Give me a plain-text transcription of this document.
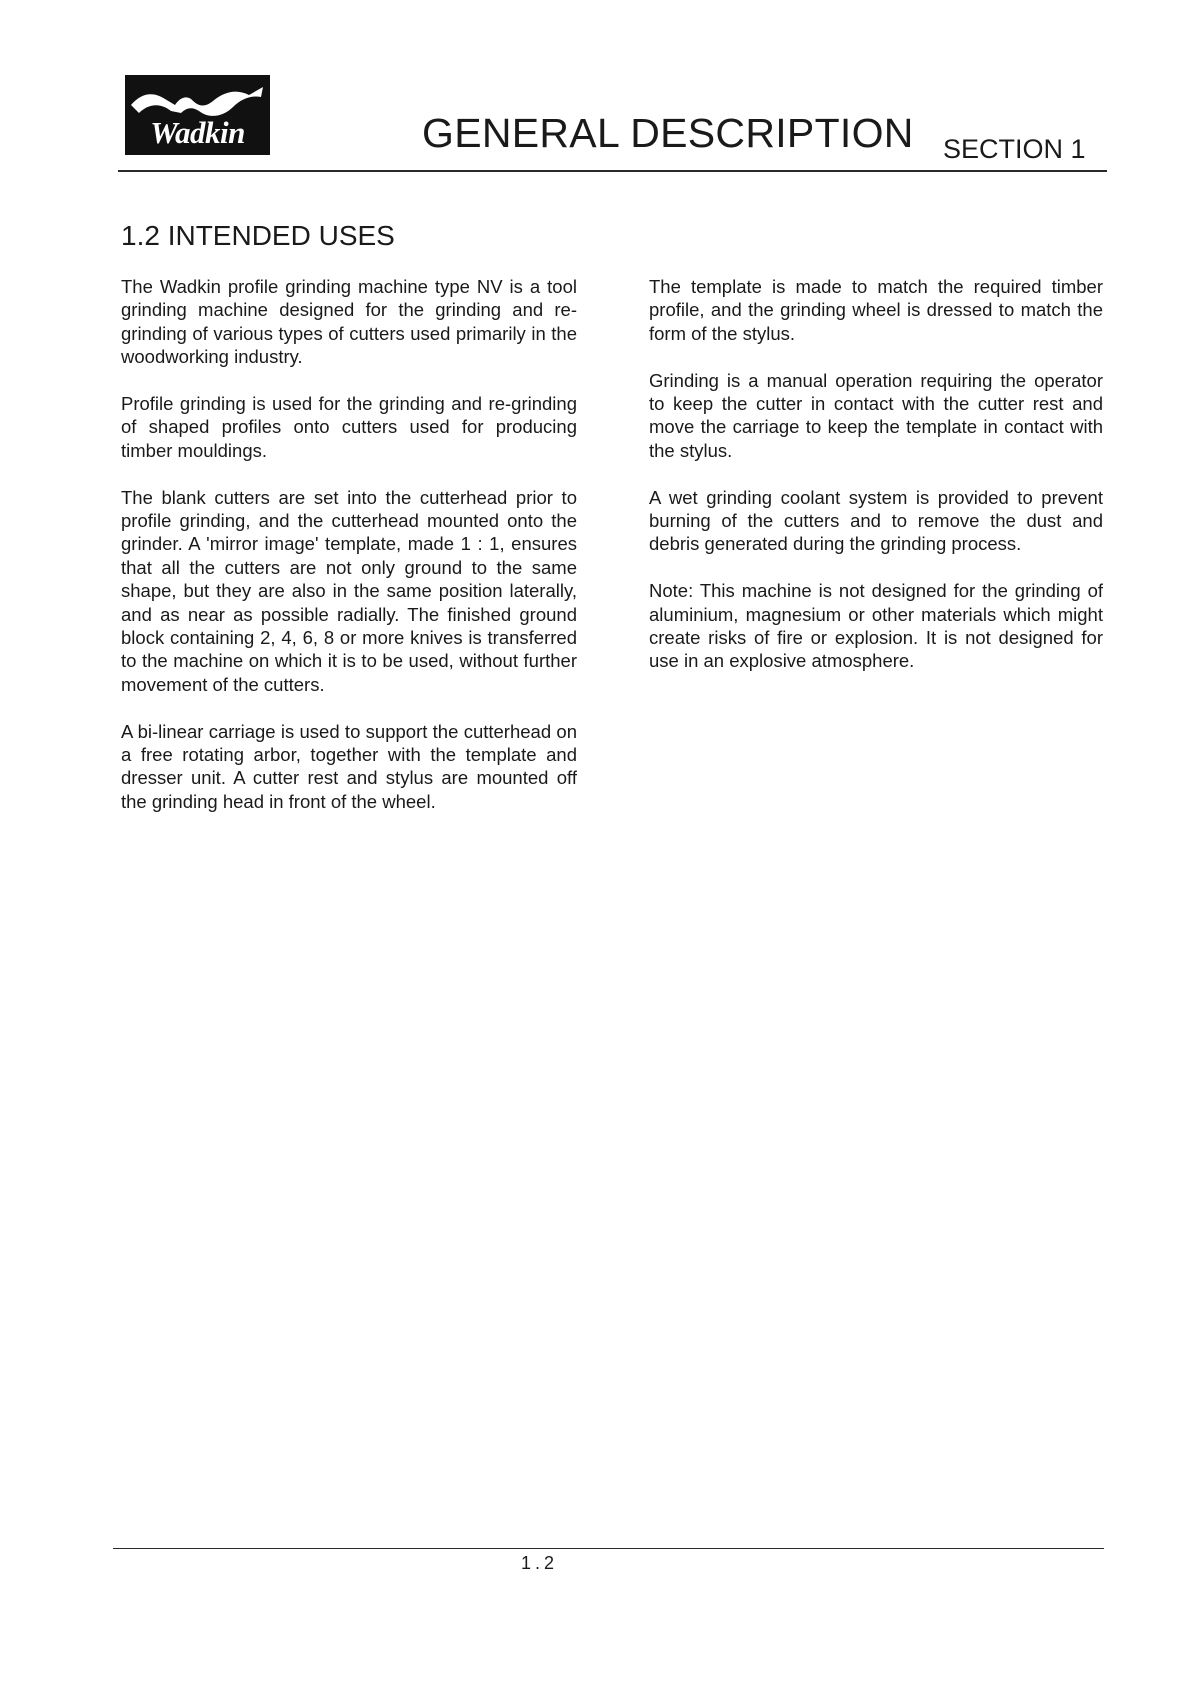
Wadkin	GENERAL DESCRIPTION SECTION 1
1.2 INTENDED USES

The Wadkin profile grinding machine type NV is a tool grinding machine designed for the grinding and re-grinding of various types of cutters used primarily in the woodworking industry.

Profile grinding is used for the grinding and re-grinding of shaped profiles onto cutters used for producing timber mouldings.

The blank cutters are set into the cutterhead prior to profile grinding, and the cutterhead mounted onto the grinder. A 'mirror image' template, made 1 : 1, ensures that all the cutters are not only ground to the same shape, but they are also in the same position laterally, and as near as possible radially. The finished ground block containing 2, 4, 6, 8 or more knives is transferred to the machine on which it is to be used, without further movement of the cutters.

A bi-linear carriage is used to support the cutterhead on a free rotating arbor, together with the template and dresser unit. A cutter rest and stylus are mounted off the grinding head in front of the wheel.

The template is made to match the required timber profile, and the grinding wheel is dressed to match the form of the stylus.

Grinding is a manual operation requiring the operator to keep the cutter in contact with the cutter rest and move the carriage to keep the template in contact with the stylus.

A wet grinding coolant system is provided to prevent burning of the cutters and to remove the dust and debris generated during the grinding process.

Note: This machine is not designed for the grinding of aluminium, magnesium or other materials which might create risks of fire or explosion. It is not designed for use in an explosive atmosphere.

1.2
